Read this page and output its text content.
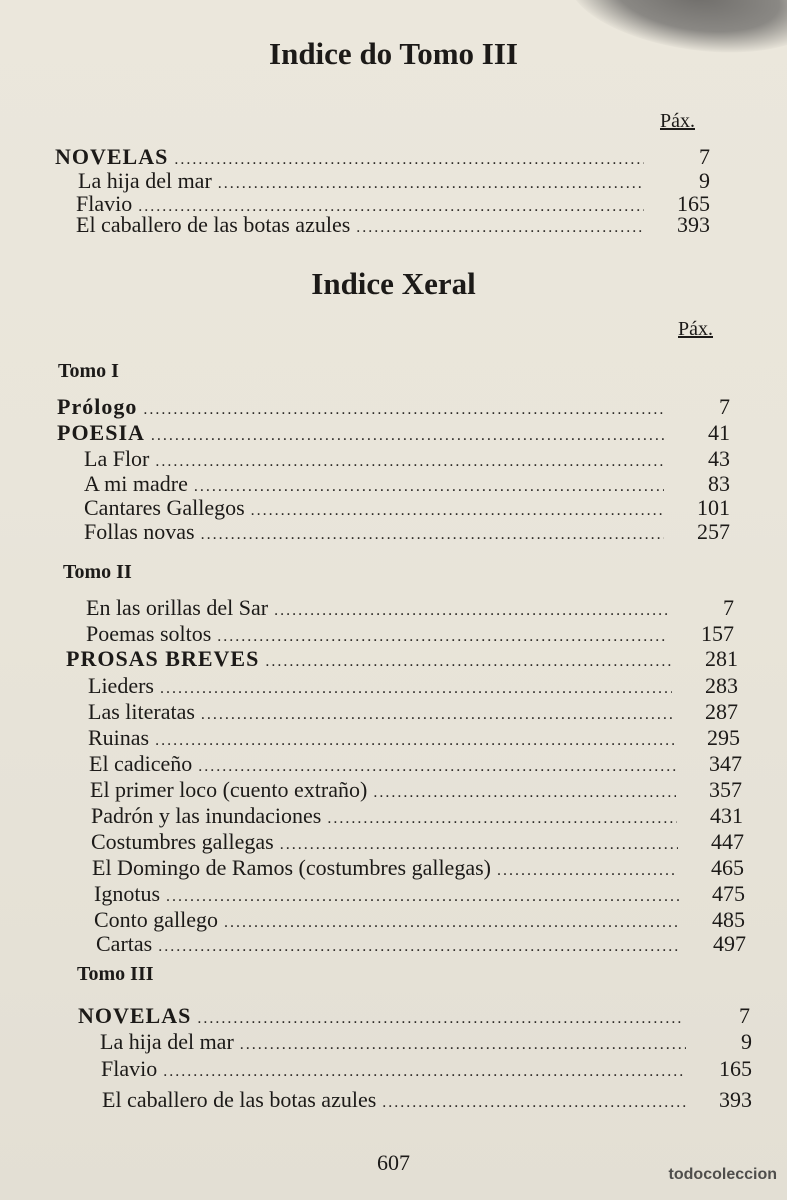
Indice do Tomo III
Páx.
NOVELAS .....	7
La hija del mar .....	9
Flavio .....	165
El caballero de las botas azules .....	393
Indice Xeral
Páx.
Tomo I
Prólogo .....	7
POESIA .....	41
La Flor .....	43
A mi madre .....	83
Cantares Gallegos .....	101
Follas novas .....	257
Tomo II
En las orillas del Sar .....	7
Poemas soltos .....	157
PROSAS BREVES .....	281
Lieders .....	283
Las literatas .....	287
Ruinas .....	295
El cadiceño .....	347
El primer loco (cuento extraño) .....	357
Padrón y las inundaciones .....	431
Costumbres gallegas .....	447
El Domingo de Ramos (costumbres gallegas) .....	465
Ignotus .....	475
Conto gallego .....	485
Cartas .....	497
Tomo III
NOVELAS .....	7
La hija del mar .....	9
Flavio .....	165
El caballero de las botas azules .....	393
607	todocoleccion
